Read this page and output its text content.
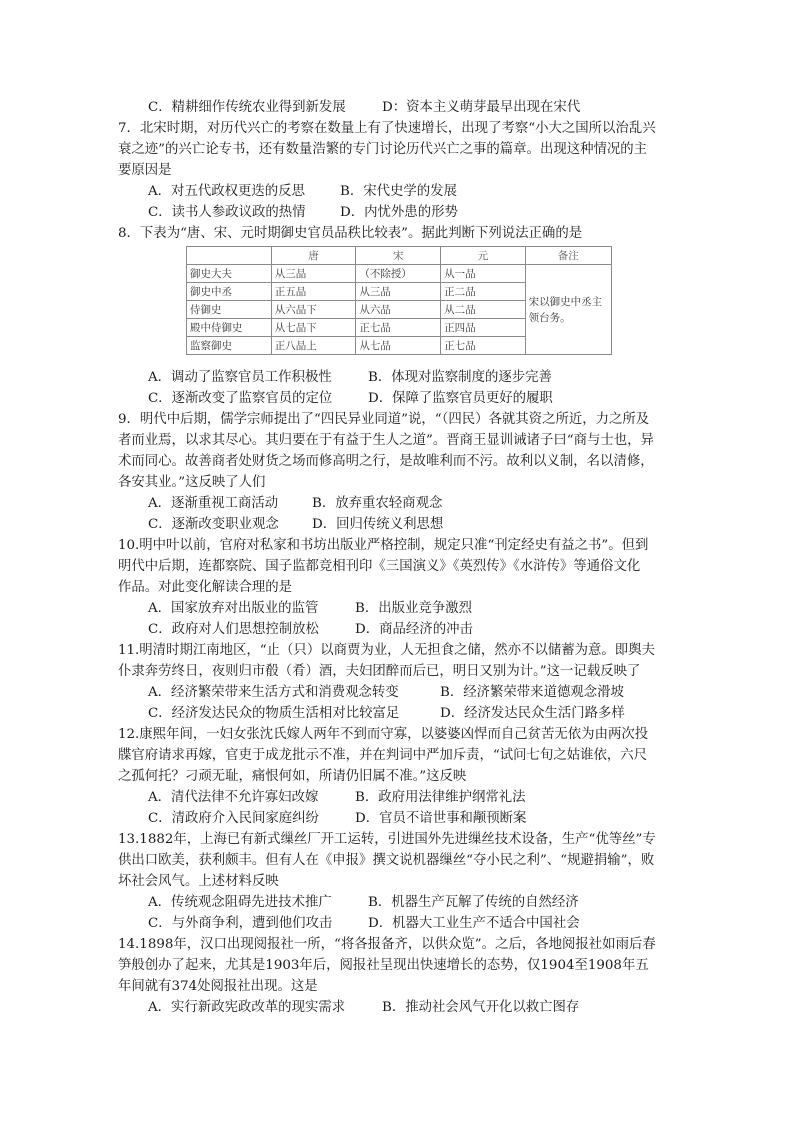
C．精耕细作传统农业得到新发展	D：资本主义萌芽最早出现在宋代
7．北宋时期，对历代兴亡的考察在数量上有了快速增长，出现了考察“小大之国所以治乱兴
衰之迹”的兴亡论专书，还有数量浩繁的专门讨论历代兴亡之事的篇章。出现这种情况的主
要原因是
A．对五代政权更迭的反思	B．宋代史学的发展
C．读书人参政议政的热情	D．内忧外患的形势
8．下表为“唐、宋、元时期御史官员品秩比较表”。据此判断下列说法正确的是
	唐	宋	元	备注
御史大夫	从三品	（不除授）	从一品	宋以御史中丞主领台务。
御史中丞	正五品	从三品	正二品	
侍御史	从六品下	从六品	从二品	
殿中侍御史	从七品下	正七品	正四品	
监察御史	正八品上	从七品	正七品	
A．调动了监察官员工作积极性	B．体现对监察制度的逐步完善
C．逐渐改变了监察官员的定位	D．保障了监察官员更好的履职
9．明代中后期，儒学宗师提出了“四民异业同道”说，“（四民）各就其资之所近，力之所及
者而业焉，以求其尽心。其归要在于有益于生人之道”。晋商王显训诫诸子曰“商与士也，异
术而同心。故善商者处财货之场而修高明之行，是故唯利而不污。故利以义制，名以清修，
各安其业。”这反映了人们
A．逐渐重视工商活动	B．放弃重农轻商观念
C．逐渐改变职业观念 D．回归传统义利思想
10.明中叶以前，官府对私家和书坊出版业严格控制，规定只准“刊定经史有益之书”。但到
明代中后期，连都察院、国子监都竞相刊印《三国演义》《英烈传》《水浒传》等通俗文化
作品。对此变化解读合理的是
A．国家放弃对出版业的监管	B．出版业竞争激烈
C．政府对人们思想控制放松	D．商品经济的冲击
11.明清时期江南地区，“止（只）以商贾为业，人无担食之储，然亦不以储蓄为意。即舆夫
仆隶奔劳终日，夜则归市殽（肴）酒，夫妇团醉而后已，明日又别为计。”这一记载反映了
A．经济繁荣带来生活方式和消费观念转变	B．经济繁荣带来道德观念滑坡
C．经济发达民众的物质生活相对比较富足	D．经济发达民众生活门路多样
12.康熙年间，一妇女张沈氏嫁人两年不到而守寡，以婆婆凶悍而自己贫苦无依为由两次投
牒官府请求再嫁，官吏于成龙批示不准，并在判词中严加斥责，“试问七旬之姑谁依，六尺
之孤何托？刁顽无耻，痛恨何如，所请仍旧属不准。”这反映
A．清代法律不允许寡妇改嫁	B．政府用法律维护纲常礼法
C．清政府介入民间家庭纠纷	D．官员不谙世事和颟顸断案
13.1882年，上海已有新式缫丝厂开工运转，引进国外先进缫丝技术设备，生产“优等丝”专
供出口欧美，获利颇丰。但有人在《申报》撰文说机器缫丝“夺小民之利”、“规避捐输”，败
坏社会风气。上述材料反映
A．传统观念阻碍先进技术推广	B．机器生产瓦解了传统的自然经济
C．与外商争利，遭到他们攻击	D．机器大工业生产不适合中国社会
14.1898年，汉口出现阅报社一所，“将各报备齐，以供众览”。之后，各地阅报社如雨后春
笋般创办了起来，尤其是1903年后，阅报社呈现出快速增长的态势，仅1904至1908年五
年间就有374处阅报社出现。这是
A．实行新政宪政改革的现实需求	B．推动社会风气开化以救亡图存
